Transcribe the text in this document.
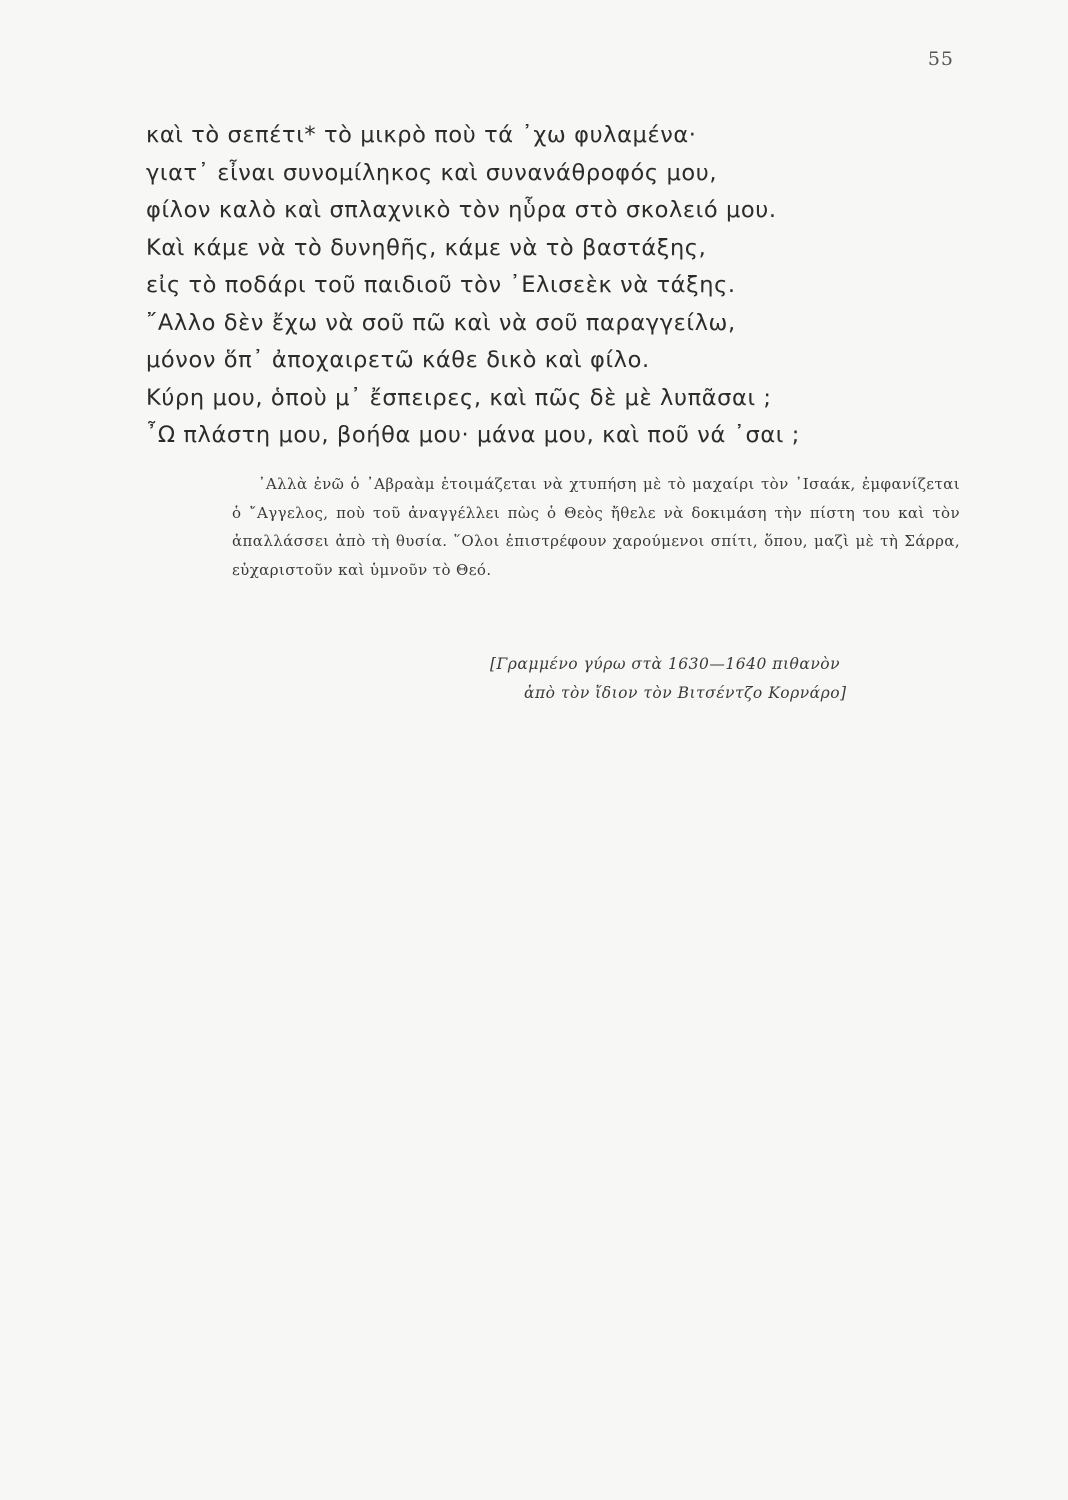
55
καὶ τὸ σεπέτι* τὸ μικρὸ ποὺ τά ᾿χω φυλαμένα·
γιατ᾿ εἶναι συνομίληκος καὶ συνανάθροφός μου,
φίλον καλὸ καὶ σπλαχνικὸ τὸν ηὗρα στὸ σκολειό μου.
Καὶ κάμε νὰ τὸ δυνηθῆς, κάμε νὰ τὸ βαστάξης,
εἰς τὸ ποδάρι τοῦ παιδιοῦ τὸν ᾿Ελισεὲκ νὰ τάξης.
῎Αλλο δὲν ἔχω νὰ σοῦ πῶ καὶ νὰ σοῦ παραγγείλω,
μόνον ὅπ᾿ ἀποχαιρετῶ κάθε δικὸ καὶ φίλο.
Κύρη μου, ὁποὺ μ᾿ ἔσπειρες, καὶ πῶς δὲ μὲ λυπᾶσαι ;
῏Ω πλάστη μου, βοήθα μου· μάνα μου, καὶ ποῦ νά ᾿σαι ;

᾿Αλλὰ ἐνῶ ὁ ᾿Αβραὰμ ἑτοιμάζεται νὰ χτυπήση μὲ τὸ μαχαίρι τὸν ᾿Ισαάκ, ἐμφανίζεται ὁ ῎Αγγελος, ποὺ τοῦ ἀναγγέλλει πὼς ὁ Θεὸς ἤθελε νὰ δοκιμάση τὴν πίστη του καὶ τὸν ἀπαλλάσσει ἀπὸ τὴ θυσία. ῞Ολοι ἐπιστρέφουν χαρούμενοι σπίτι, ὅπου, μαζὶ μὲ τὴ Σάρρα, εὐχαριστοῦν καὶ ὑμνοῦν τὸ Θεό.

[Γραμμένο γύρω στὰ 1630—1640 πιθανὸν
ἀπὸ τὸν ἴδιον τὸν Βιτσέντζο Κορνάρο]
